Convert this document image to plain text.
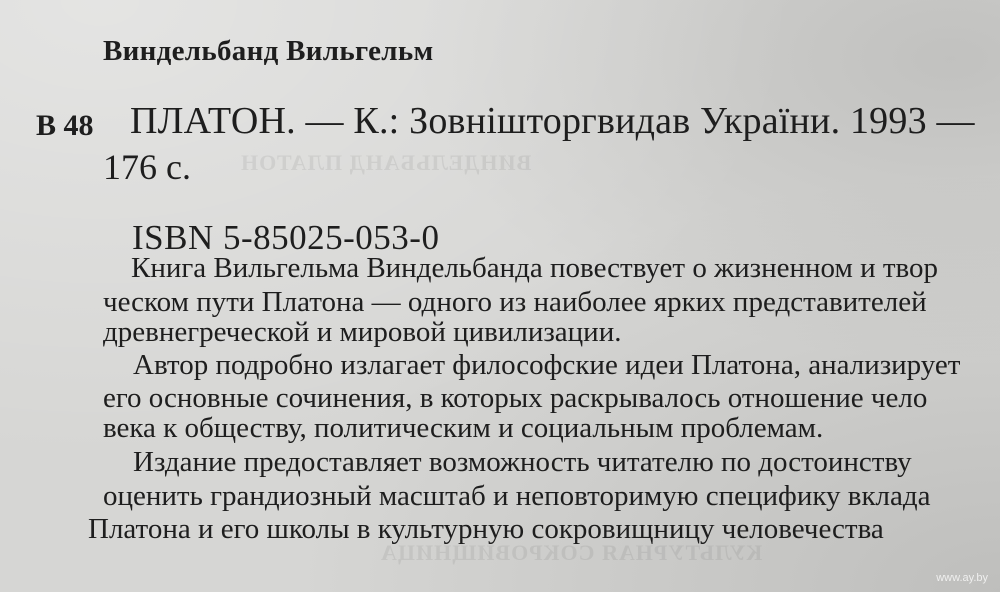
ВИНДЕЛЬБАНД ПЛАТОН
КУЛЬТУРНАЯ СОКРОВИЩНИЦА
Виндельбанд Вильгельм
В 48 ПЛАТОН. — К.: Зовнішторгвидав України. 1993 —
176 с.
ISBN 5-85025-053-0
Книга Вильгельма Виндельбанда повествует о жизненном и твор
ческом пути Платона — одного из наиболее ярких представителей
древнегреческой и мировой цивилизации.
Автор подробно излагает философские идеи Платона, анализирует
его основные сочинения, в которых раскрывалось отношение чело
века к обществу, политическим и социальным проблемам.
Издание предоставляет возможность читателю по достоинству
оценить грандиозный масштаб и неповторимую специфику вклада
Платона и его школы в культурную сокровищницу человечества
www.ay.by
